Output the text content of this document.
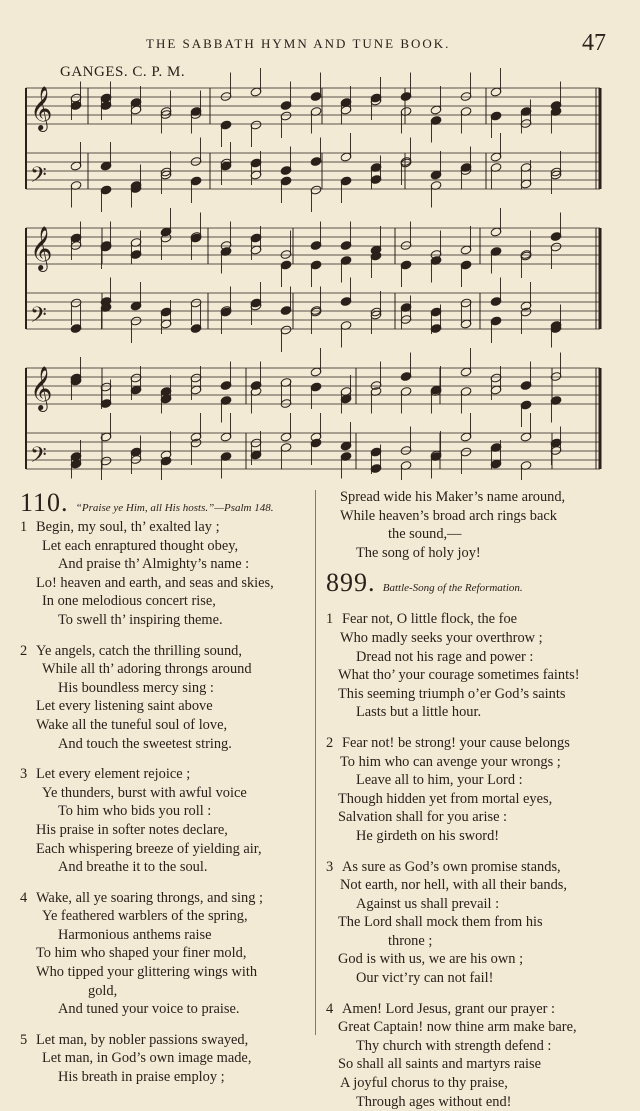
THE SABBATH HYMN AND TUNE BOOK.	47
GANGES. C. P. M.
𝄞
𝄢
𝄞
𝄢
𝄞
𝄢
110. “Praise ye Him, all His hosts.”—Psalm 148.
1 Begin, my soul, th’ exalted lay ;
Let each enraptured thought obey,
And praise th’ Almighty’s name :
Lo! heaven and earth, and seas and skies,
In one melodious concert rise,
To swell th’ inspiring theme.
2 Ye angels, catch the thrilling sound,
While all th’ adoring throngs around
His boundless mercy sing :
Let every listening saint above
Wake all the tuneful soul of love,
And touch the sweetest string.
3 Let every element rejoice ;
Ye thunders, burst with awful voice
To him who bids you roll :
His praise in softer notes declare,
Each whispering breeze of yielding air,
And breathe it to the soul.
4 Wake, all ye soaring throngs, and sing ;
Ye feathered warblers of the spring,
Harmonious anthems raise
To him who shaped your finer mold,
Who tipped your glittering wings with
gold,
And tuned your voice to praise.
5 Let man, by nobler passions swayed,
Let man, in God’s own image made,
His breath in praise employ ;
Spread wide his Maker’s name around,
While heaven’s broad arch rings back
the sound,—
The song of holy joy!
899. Battle-Song of the Reformation.
1 Fear not, O little flock, the foe
Who madly seeks your overthrow ;
Dread not his rage and power :
What tho’ your courage sometimes faints!
This seeming triumph o’er God’s saints
Lasts but a little hour.
2 Fear not! be strong! your cause belongs
To him who can avenge your wrongs ;
Leave all to him, your Lord :
Though hidden yet from mortal eyes,
Salvation shall for you arise :
He girdeth on his sword!
3 As sure as God’s own promise stands,
Not earth, nor hell, with all their bands,
Against us shall prevail :
The Lord shall mock them from his
throne ;
God is with us, we are his own ;
Our vict’ry can not fail!
4 Amen! Lord Jesus, grant our prayer :
Great Captain! now thine arm make bare,
Thy church with strength defend :
So shall all saints and martyrs raise
A joyful chorus to thy praise,
Through ages without end!
